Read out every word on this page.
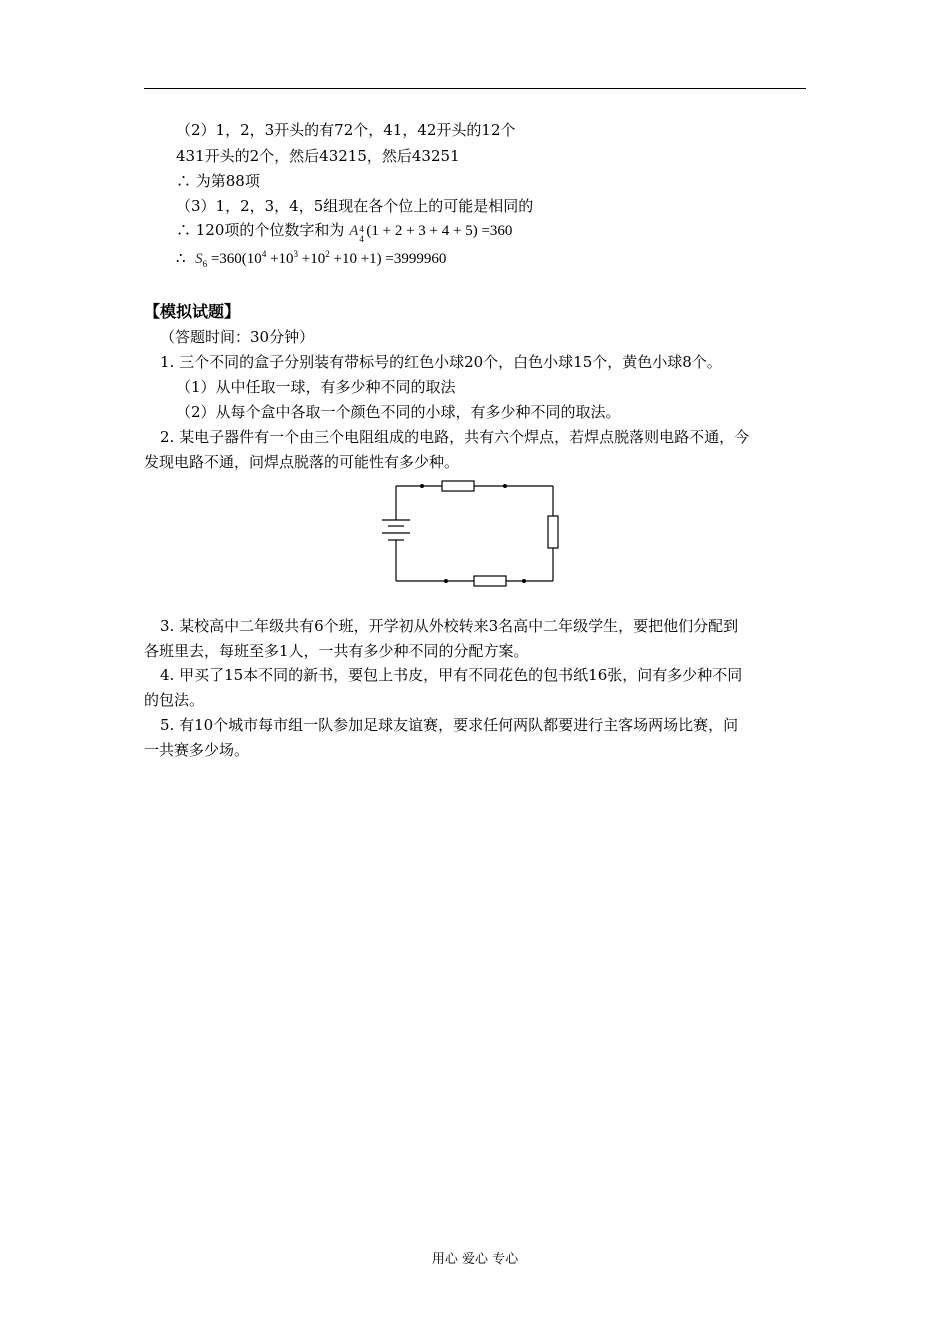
（2）1，2，3开头的有72个，41，42开头的12个
431开头的2个，然后43215，然后43251
∴ 为第88项
（3）1，2，3，4，5组现在各个位上的可能是相同的
∴ 120项的个位数字和为 A 4
4 (1 + 2 + 3 + 4 + 5) =360
∴ $S_6 =360(10^4 +10^3 +10^2 +10 +1) =3999960$
【模拟试题】
（答题时间：30分钟）
1. 三个不同的盒子分别装有带标号的红色小球20个，白色小球15个，黄色小球8个。
（1）从中任取一球，有多少种不同的取法
（2）从每个盒中各取一个颜色不同的小球，有多少种不同的取法。
2. 某电子器件有一个由三个电阻组成的电路，共有六个焊点，若焊点脱落则电路不通，今
发现电路不通，问焊点脱落的可能性有多少种。
3. 某校高中二年级共有6个班，开学初从外校转来3名高中二年级学生，要把他们分配到
各班里去，每班至多1人，一共有多少种不同的分配方案。
4. 甲买了15本不同的新书，要包上书皮，甲有不同花色的包书纸16张，问有多少种不同
的包法。
5. 有10个城市每市组一队参加足球友谊赛，要求任何两队都要进行主客场两场比赛，问
一共赛多少场。
用心 爱心 专心
